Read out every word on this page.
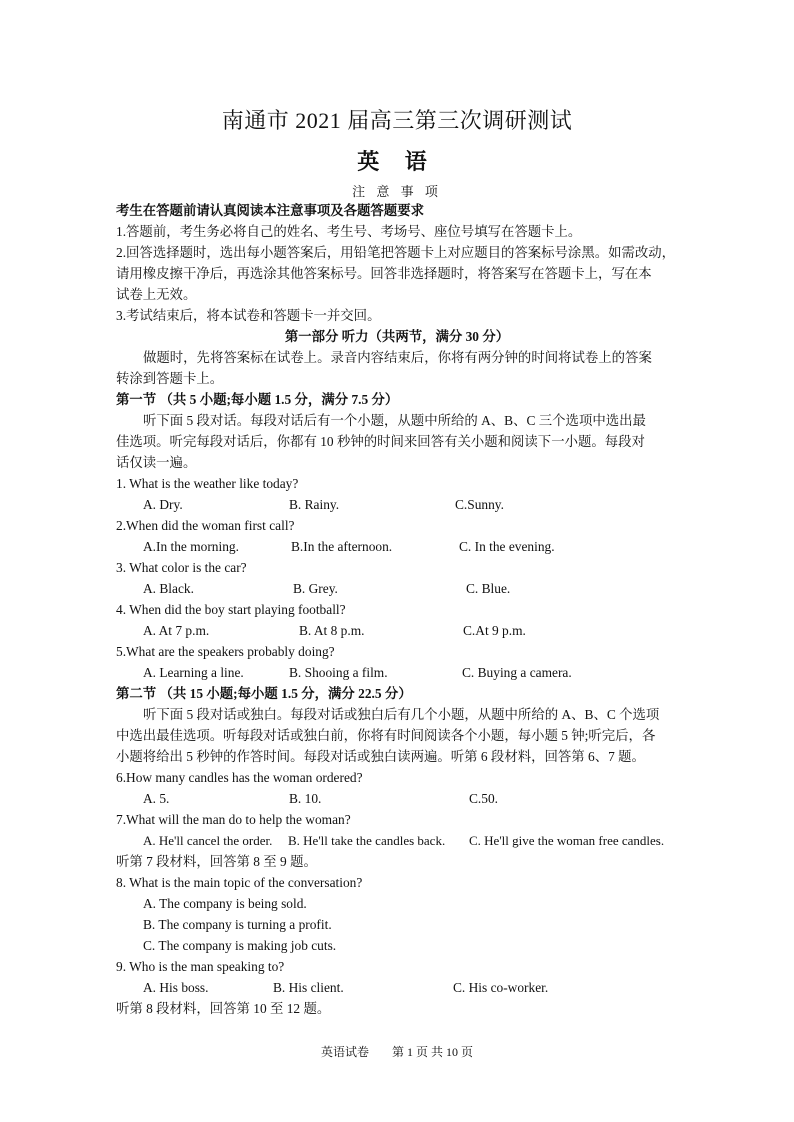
南通市 2021 届高三第三次调研测试
英 语
注 意 事 项
考生在答题前请认真阅读本注意事项及各题答题要求
1.答题前，考生务必将自己的姓名、考生号、考场号、座位号填写在答题卡上。
2.回答选择题时，选出每小题答案后，用铅笔把答题卡上对应题目的答案标号涂黑。如需改动，
请用橡皮擦干净后，再选涂其他答案标号。回答非选择题时，将答案写在答题卡上，写在本
试卷上无效。
3.考试结束后，将本试卷和答题卡一并交回。
第一部分 听力（共两节，满分 30 分）
做题时，先将答案标在试卷上。录音内容结束后，你将有两分钟的时间将试卷上的答案
转涂到答题卡上。
第一节 （共 5 小题;每小题 1.5 分，满分 7.5 分）
听下面 5 段对话。每段对话后有一个小题，从题中所给的 A、B、C 三个选项中选出最
佳选项。听完每段对话后，你都有 10 秒钟的时间来回答有关小题和阅读下一小题。每段对
话仅读一遍。
1. What is the weather like today?
A. Dry.	B. Rainy.	C.Sunny.
2.When did the woman first call?
A.In the morning.	B.In the afternoon.	C. In the evening.
3. What color is the car?
A. Black.	B. Grey.	C. Blue.
4. When did the boy start playing football?
A. At 7 p.m.	B. At 8 p.m.	C.At 9 p.m.
5.What are the speakers probably doing?
A. Learning a line.	B. Shooing a film.	C. Buying a camera.
第二节 （共 15 小题;每小题 1.5 分，满分 22.5 分）
听下面 5 段对话或独白。每段对话或独白后有几个小题，从题中所给的 A、B、C 个选项
中选出最佳选项。听每段对话或独白前，你将有时间阅读各个小题，每小题 5 钟;听完后，各
小题将给出 5 秒钟的作答时间。每段对话或独白读两遍。听第 6 段材料，回答第 6、7 题。
6.How many candles has the woman ordered?
A. 5.	B. 10.	C.50.
7.What will the man do to help the woman?
A. He'll cancel the order. B. He'll take the candles back. C. He'll give the woman free candles.
听第 7 段材料，回答第 8 至 9 题。
8. What is the main topic of the conversation?
A. The company is being sold.
B. The company is turning a profit.
C. The company is making job cuts.
9. Who is the man speaking to?
A. His boss.	B. His client.	C. His co-worker.
听第 8 段材料，回答第 10 至 12 题。
英语试卷 第 1 页 共 10 页
